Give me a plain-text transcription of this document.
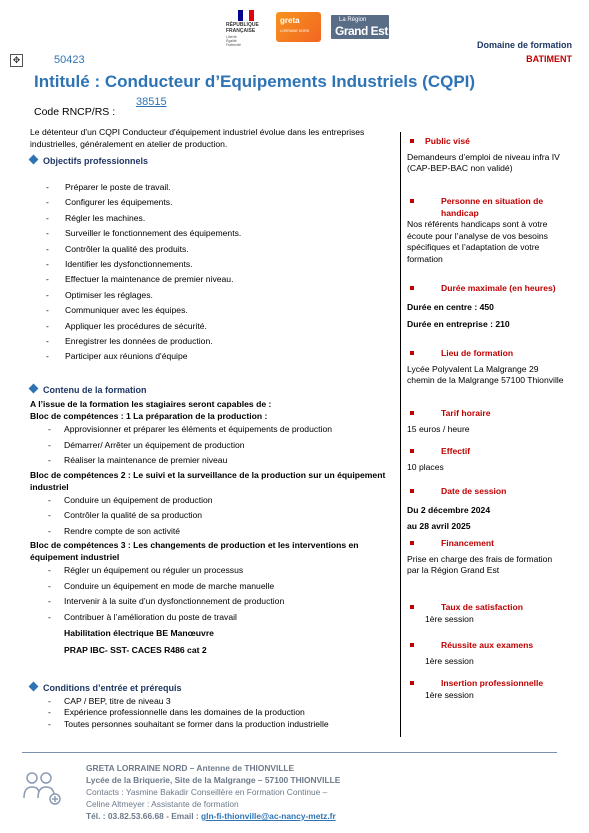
RÉPUBLIQUE
FRANÇAISE
Liberté
Égalité
Fraternité
greta
LORRAINE NORD
La Région
Grand Est
Domaine de formation
BATIMENT
✥	50423
Intitulé : Conducteur d’Equipements Industriels (CQPI)
Code RNCP/RS :
38515
Le détenteur d'un CQPI Conducteur d'équipement industriel évolue dans les entreprises industrielles, généralement en atelier de production.
Objectifs professionnels
- Préparer le poste de travail.
- Configurer les équipements.
- Régler les machines.
- Surveiller le fonctionnement des équipements.
- Contrôler la qualité des produits.
- Identifier les dysfonctionnements.
- Effectuer la maintenance de premier niveau.
- Optimiser les réglages.
- Communiquer avec les équipes.
- Appliquer les procédures de sécurité.
- Enregistrer les données de production.
- Participer aux réunions d'équipe
Contenu de la formation
A l’issue de la formation les stagiaires seront capables de :
Bloc de compétences : 1 La préparation de la production :
- Approvisionner et préparer les éléments et équipements de production
- Démarrer/ Arrêter un équipement de production
- Réaliser la maintenance de premier niveau
Bloc de compétences 2 : Le suivi et la surveillance de la production sur un équipement industriel
- Conduire un équipement de production
- Contrôler la qualité de sa production
- Rendre compte de son activité
Bloc de compétences 3 : Les changements de production et les interventions en équipement industriel
- Régler un équipement ou réguler un processus
- Conduire un équipement en mode de marche manuelle
- Intervenir à la suite d’un dysfonctionnement de production
- Contribuer à l’amélioration du poste de travail
Habilitation électrique BE Manœuvre
PRAP IBC- SST- CACES R486 cat 2
Conditions d’entrée et prérequis
- CAP / BEP, titre de niveau 3
- Expérience professionnelle dans les domaines de la production
- Toutes personnes souhaitant se former dans la production industrielle
Public visé
Demandeurs d’emploi de niveau infra IV (CAP-BEP-BAC non validé)
Personne en situation de handicap
Nos référents handicaps sont à votre écoute pour l’analyse de vos besoins spécifiques et l’adaptation de votre formation
Durée maximale (en heures)
Durée en centre : 450
Durée en entreprise : 210
Lieu de formation
Lycée Polyvalent La Malgrange 29 chemin de la Malgrange 57100 Thionville
Tarif horaire
15 euros / heure
Effectif
10 places
Date de session
Du 2 décembre 2024
au 28 avril 2025
Financement
Prise en charge des frais de formation par la Région Grand Est
Taux de satisfaction
1ère session
Réussite aux examens
1ère session
Insertion professionnelle
1ère session
GRETA LORRAINE NORD – Antenne de THIONVILLE
Lycée de la Briquerie, Site de la Malgrange – 57100 THIONVILLE
Contacts : Yasmine Bakadir Conseillère en Formation Continue –
Celine Altmeyer : Assistante de formation
Tél. : 03.82.53.66.68 - Email : gln-fi-thionville@ac-nancy-metz.fr
